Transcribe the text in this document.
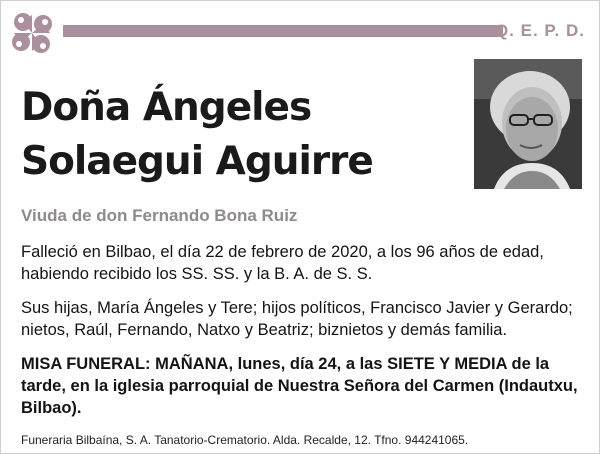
Q. E. P. D.
Doña Ángeles
Solaegui Aguirre
Viuda de don Fernando Bona Ruiz
Falleció en Bilbao, el día 22 de febrero de 2020, a los 96 años de edad, habiendo recibido los SS. SS. y la B. A. de S. S.
Sus hijas, María Ángeles y Tere; hijos políticos, Francisco Javier y Gerardo; nietos, Raúl, Fernando, Natxo y Beatriz; biznietos y demás familia.
MISA FUNERAL: MAÑANA, lunes, día 24, a las SIETE Y MEDIA de la tarde, en la iglesia parroquial de Nuestra Señora del Carmen (Indautxu, Bilbao).
Funeraria Bilbaína, S. A. Tanatorio-Crematorio. Alda. Recalde, 12. Tfno. 944241065.
